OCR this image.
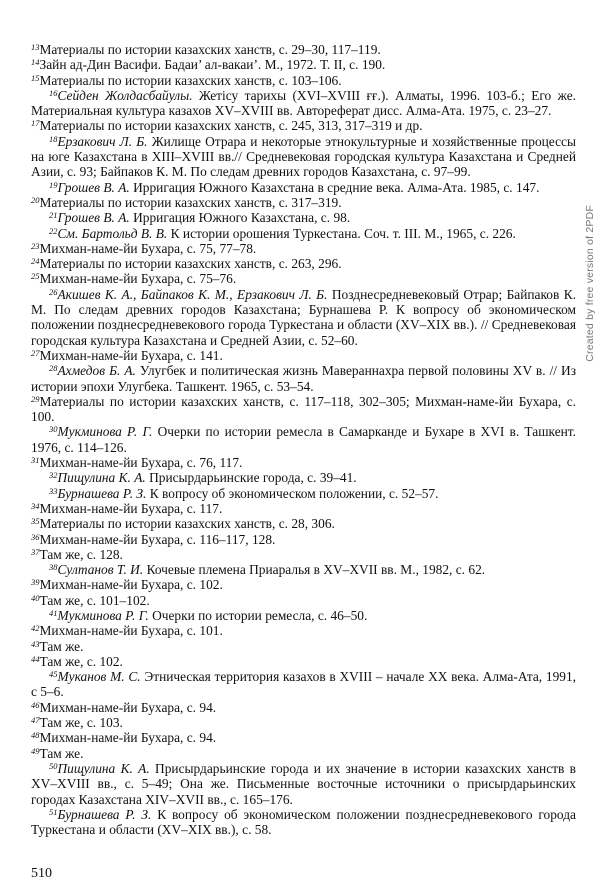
$^{13}$Материалы по истории казахских ханств, с. 29–30, 117–119.

$^{14}$Зайн ад-Дин Васифи. Бадаи’ ал-вакаи’. М., 1972. Т. II, с. 190.

$^{15}$Материалы по истории казахских ханств, с. 103–106.

$^{16}$Сейден Жолдасбайулы. Жетiсу тарихы (XVI–XVIII ғғ.). Алматы, 1996. 103-б.; Его же. Материальная культура казахов XV–XVIII вв. Автореферат дисс. Алма-Ата. 1975, с. 23–27.

$^{17}$Материалы по истории казахских ханств, с. 245, 313, 317–319 и др.

$^{18}$Ерзакович Л. Б. Жилище Отрара и некоторые этнокультурные и хозяйственные процессы на юге Казахстана в XIII–XVIII вв.// Средневековая городская культура Казахстана и Средней Азии, с. 93; Байпаков К. М. По следам древних городов Казахстана, с. 97–99.

$^{19}$Грошев В. А. Ирригация Южного Казахстана в средние века. Алма-Ата. 1985, с. 147.

$^{20}$Материалы по истории казахских ханств, с. 317–319.

$^{21}$Грошев В. А. Ирригация Южного Казахстана, с. 98.

$^{22}$См. Бартольд В. В. К истории орошения Туркестана. Соч. т. III. М., 1965, с. 226.

$^{23}$Михман-наме-йи Бухара, с. 75, 77–78.

$^{24}$Материалы по истории казахских ханств, с. 263, 296.

$^{25}$Михман-наме-йи Бухара, с. 75–76.

$^{26}$Акишев К. А., Байпаков К. М., Ерзакович Л. Б. Позднесредневековый Отрар; Байпаков К. М. По следам древних городов Казахстана; Бурнашева Р. К вопросу об экономическом положении позднесредневекового города Туркестана и области (XV–XIX вв.). // Средневековая городская культура Казахстана и Средней Азии, с. 52–60.

$^{27}$Михман-наме-йи Бухара, с. 141.

$^{28}$Ахмедов Б. А. Улугбек и политическая жизнь Мавераннахра первой половины XV в. // Из истории эпохи Улугбека. Ташкент. 1965, с. 53–54.

$^{29}$Материалы по истории казахских ханств, с. 117–118, 302–305; Михман-наме-йи Бухара, с. 100.

$^{30}$Мукминова Р. Г. Очерки по истории ремесла в Самарканде и Бухаре в XVI в. Ташкент. 1976, с. 114–126.

$^{31}$Михман-наме-йи Бухара, с. 76, 117.

$^{32}$Пищулина К. А. Присырдарьинские города, с. 39–41.

$^{33}$Бурнашева Р. З. К вопросу об экономическом положении, с. 52–57.

$^{34}$Михман-наме-йи Бухара, с. 117.

$^{35}$Материалы по истории казахских ханств, с. 28, 306.

$^{36}$Михман-наме-йи Бухара, с. 116–117, 128.

$^{37}$Там же, с. 128.

$^{38}$Султанов Т. И. Кочевые племена Приаралья в XV–XVII вв. М., 1982, с. 62.

$^{39}$Михман-наме-йи Бухара, с. 102.

$^{40}$Там же, с. 101–102.

$^{41}$Мукминова Р. Г. Очерки по истории ремесла, с. 46–50.

$^{42}$Михман-наме-йи Бухара, с. 101.

$^{43}$Там же.

$^{44}$Там же, с. 102.

$^{45}$Муканов М. С. Этническая территория казахов в XVIII – начале XX века. Алма-Ата, 1991, с 5–6.

$^{46}$Михман-наме-йи Бухара, с. 94.

$^{47}$Там же, с. 103.

$^{48}$Михман-наме-йи Бухара, с. 94.

$^{49}$Там же.

$^{50}$Пищулина К. А. Присырдарьинские города и их значение в истории казахских ханств в XV–XVIII вв., с. 5–49; Она же. Письменные восточные источники о присырдарьинских городах Казахстана XIV–XVII вв., с. 165–176.

$^{51}$Бурнашева Р. З. К вопросу об экономическом положении позднесредневекового города Туркестана и области (XV–XIX вв.), с. 58.

Created by free version of 2PDF
510
